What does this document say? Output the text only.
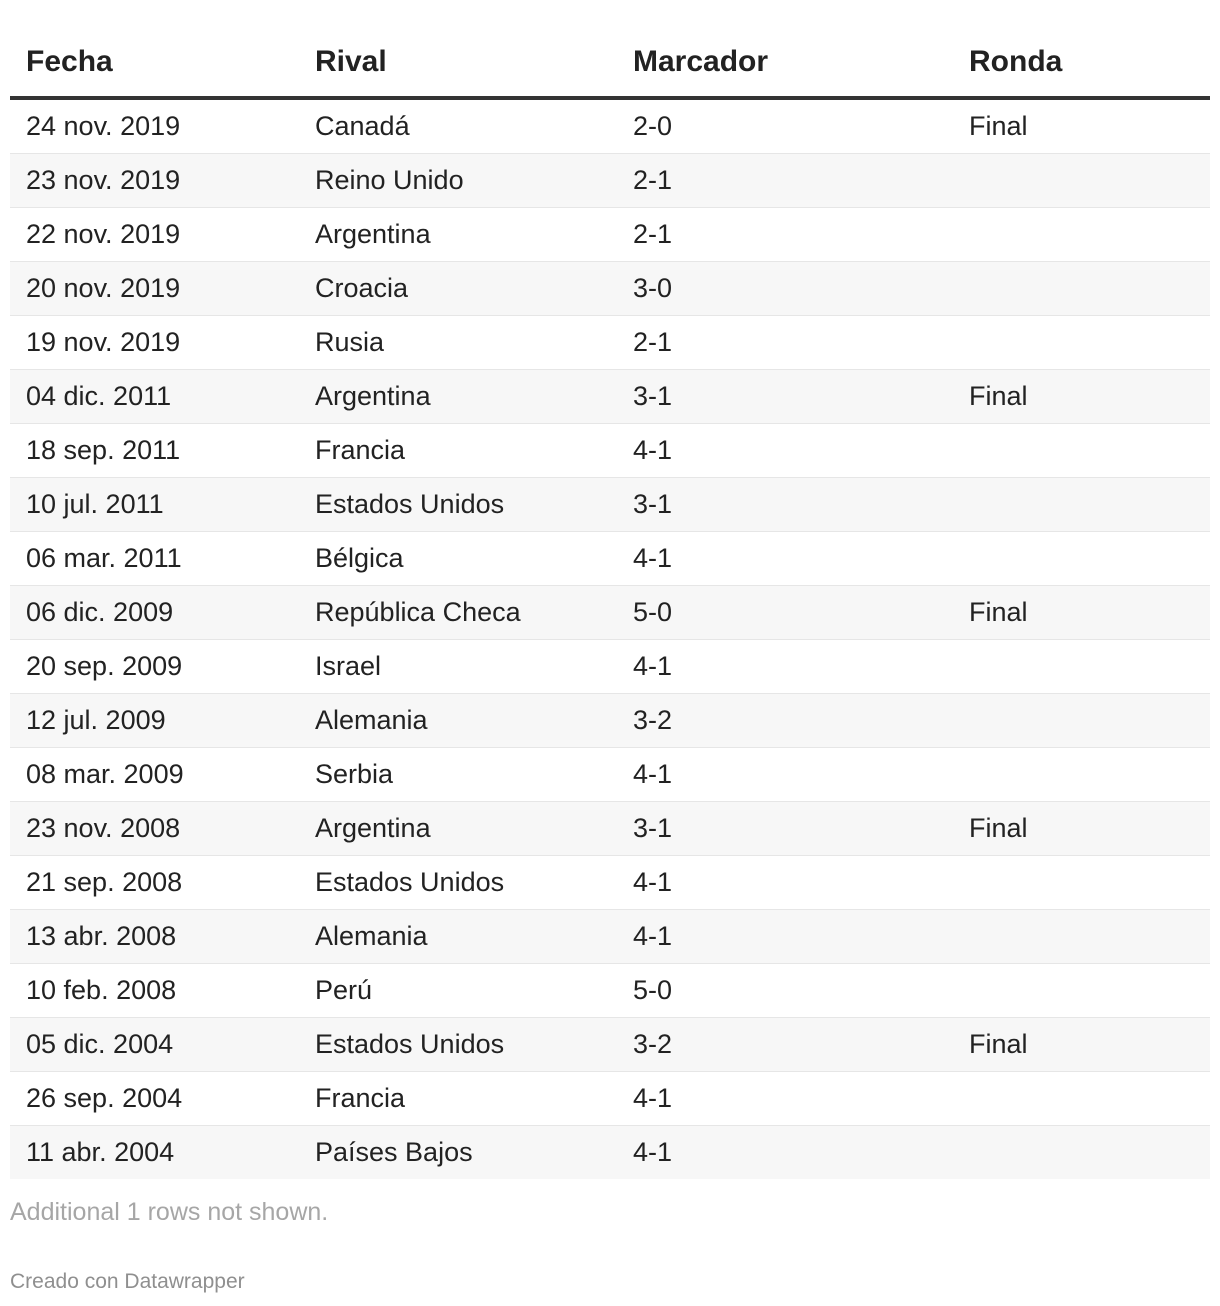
Fecha	Rival	Marcador	Ronda

24 nov. 2019	Canadá	2-0	Final
23 nov. 2019	Reino Unido	2-1	
22 nov. 2019	Argentina	2-1	
20 nov. 2019	Croacia	3-0	
19 nov. 2019	Rusia	2-1	
04 dic. 2011	Argentina	3-1	Final
18 sep. 2011	Francia	4-1	
10 jul. 2011	Estados Unidos	3-1	
06 mar. 2011	Bélgica	4-1	
06 dic. 2009	República Checa	5-0	Final
20 sep. 2009	Israel	4-1	
12 jul. 2009	Alemania	3-2	
08 mar. 2009	Serbia	4-1	
23 nov. 2008	Argentina	3-1	Final
21 sep. 2008	Estados Unidos	4-1	
13 abr. 2008	Alemania	4-1	
10 feb. 2008	Perú	5-0	
05 dic. 2004	Estados Unidos	3-2	Final
26 sep. 2004	Francia	4-1	
11 abr. 2004	Países Bajos	4-1	
Additional 1 rows not shown.
Creado con Datawrapper
